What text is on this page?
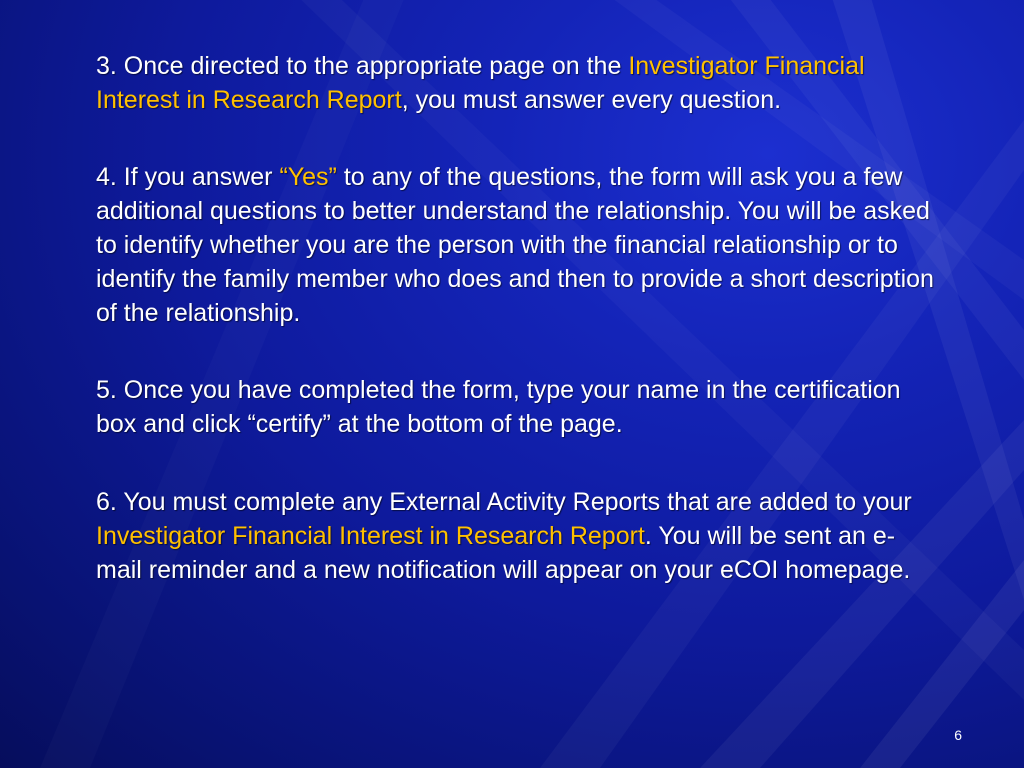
3. Once directed to the appropriate page on the Investigator Financial Interest in Research Report, you must answer every question.

4. If you answer “Yes” to any of the questions, the form will ask you a few additional questions to better understand the relationship. You will be asked to identify whether you are the person with the financial relationship or to identify the family member who does and then to provide a short description of the relationship.

5. Once you have completed the form, type your name in the certification box and click “certify” at the bottom of the page.

6. You must complete any External Activity Reports that are added to your Investigator Financial Interest in Research Report. You will be sent an e-mail reminder and a new notification will appear on your eCOI homepage.

6
